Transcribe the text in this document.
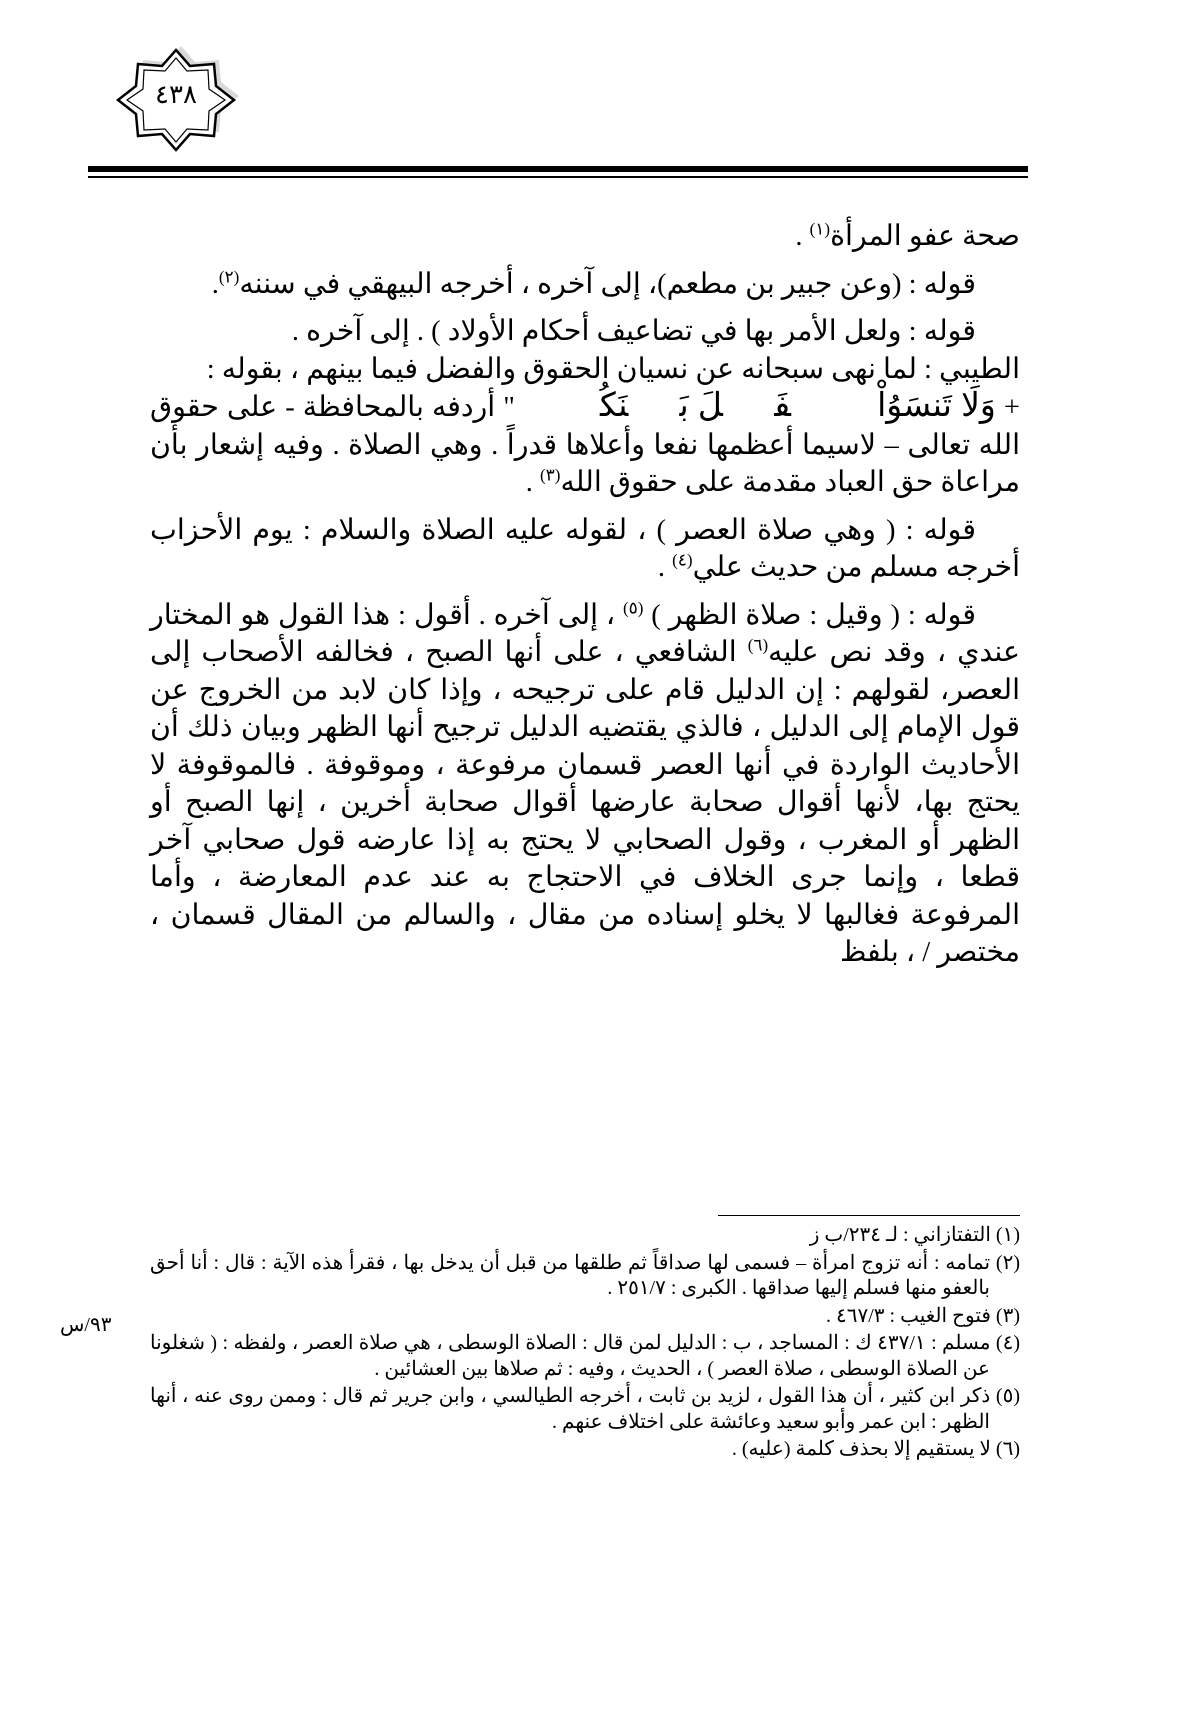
٤٣٨

صحة عفو المرأة$^{(١)}$ .

قوله : (وعن جبير بن مطعم)، إلى آخره ، أخرجه البيهقي في سننه$^{(٢)}$.

قوله : ولعل الأمر بها في تضاعيف أحكام الأولاد ) . إلى آخره .

الطيبي : لما نهى سبحانه عن نسيان الحقوق والفضل فيما بينهم ، بقوله :

+ وَلَا تَنسَوُاْ ٱلۡفَضۡلَ بَيۡنَكُمۡۚ " أردفه بالمحافظة - على حقوق الله تعالى – لاسيما أعظمها نفعا وأعلاها قدراً . وهي الصلاة . وفيه إشعار بأن مراعاة حق العباد مقدمة على حقوق الله$^{(٣)}$ .

قوله : ( وهي صلاة العصر ) ، لقوله عليه الصلاة والسلام : يوم الأحزاب أخرجه مسلم من حديث علي$^{(٤)}$ .

قوله : ( وقيل : صلاة الظهر ) $^{(٥)}$ ، إلى آخره . أقول : هذا القول هو المختار عندي ، وقد نص عليه$^{(٦)}$ الشافعي ، على أنها الصبح ، فخالفه الأصحاب إلى العصر، لقولهم : إن الدليل قام على ترجيحه ، وإذا كان لابد من الخروج عن قول الإمام إلى الدليل ، فالذي يقتضيه الدليل ترجيح أنها الظهر وبيان ذلك أن الأحاديث الواردة في أنها العصر قسمان مرفوعة ، وموقوفة . فالموقوفة لا يحتج بها، لأنها أقوال صحابة عارضها أقوال صحابة أخرين ، إنها الصبح أو الظهر أو المغرب ، وقول الصحابي لا يحتج به إذا عارضه قول صحابي آخر قطعا ، وإنما جرى الخلاف في الاحتجاج به عند عدم المعارضة ، وأما المرفوعة فغالبها لا يخلو إسناده من مقال ، والسالم من المقال قسمان ، مختصر / ، بلفظ

(١) التفتازاني : لـ ٢٣٤/ب ز

(٢) تمامه : أنه تزوج امرأة – فسمى لها صداقاً ثم طلقها من قبل أن يدخل بها ، فقرأ هذه الآية : قال : أنا أحق بالعفو منها فسلم إليها صداقها . الكبرى : ٢٥١/٧ .

(٣) فتوح الغيب : ٤٦٧/٣ .

(٤) مسلم : ٤٣٧/١ ك : المساجد ، ب : الدليل لمن قال : الصلاة الوسطى ، هي صلاة العصر ، ولفظه : ( شغلونا عن الصلاة الوسطى ، صلاة العصر ) ، الحديث ، وفيه : ثم صلاها بين العشائين .

(٥) ذكر ابن كثير ، أن هذا القول ، لزيد بن ثابت ، أخرجه الطيالسي ، وابن جرير ثم قال : وممن روى عنه ، أنها الظهر : ابن عمر وأبو سعيد وعائشة على اختلاف عنهم .

(٦) لا يستقيم إلا بحذف كلمة (عليه) .

٩٣/س
